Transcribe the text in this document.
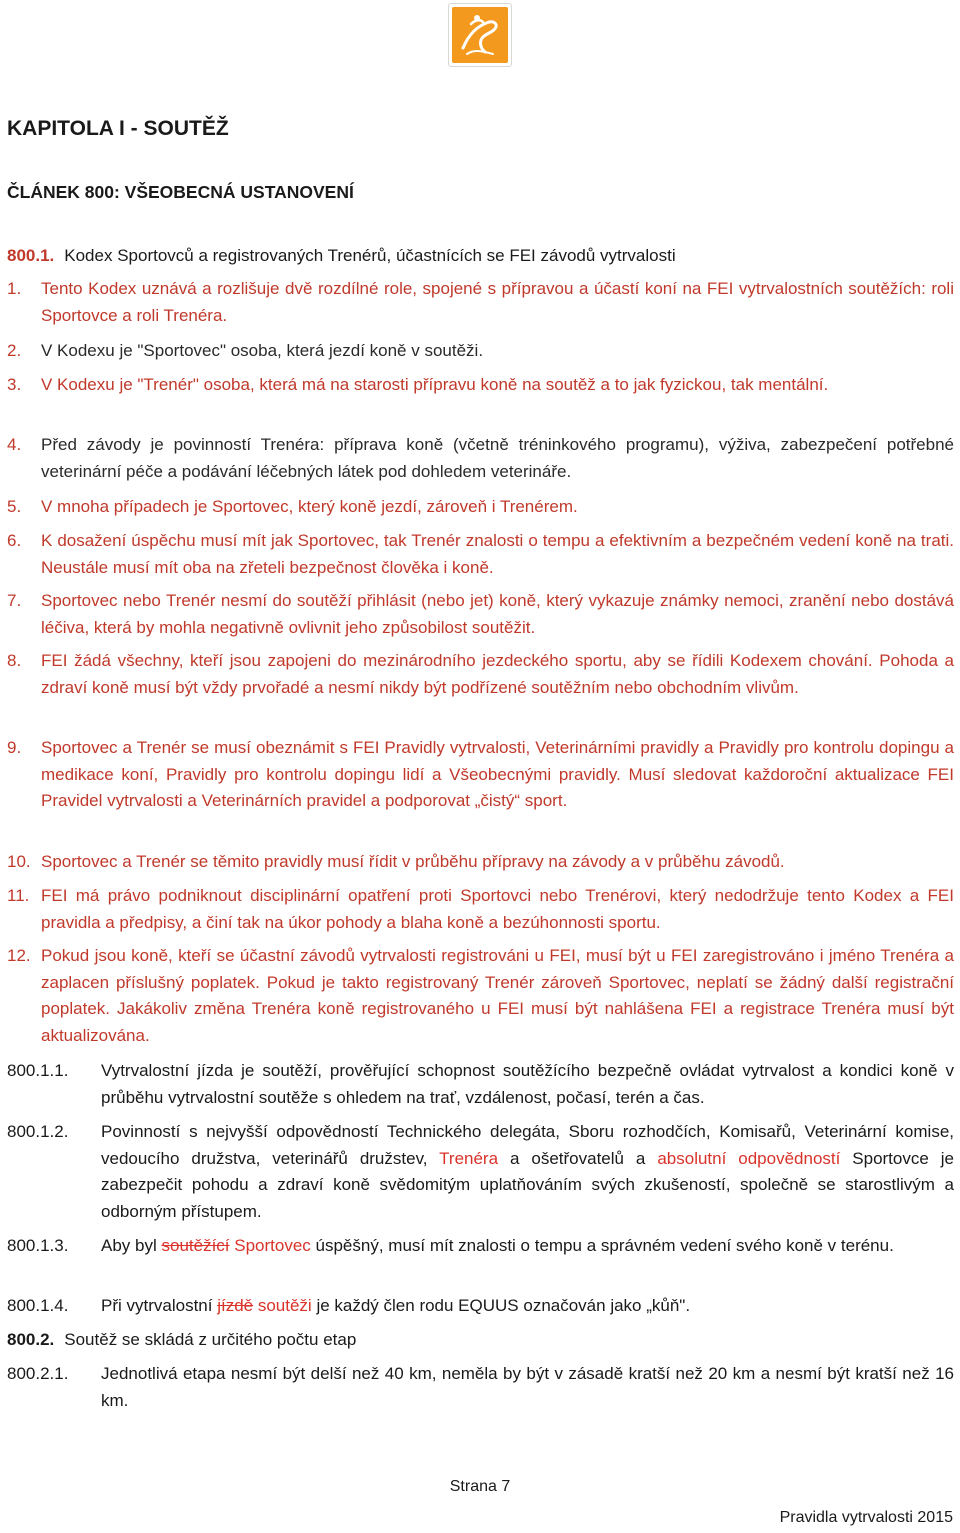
KAPITOLA I - SOUTĚŽ
ČLÁNEK 800: VŠEOBECNÁ USTANOVENÍ
800.1. Kodex Sportovců a registrovaných Trenérů, účastnících se FEI závodů vytrvalosti
1. Tento Kodex uznává a rozlišuje dvě rozdílné role, spojené s přípravou a účastí koní na FEI vytrvalostních soutěžích: roli Sportovce a roli Trenéra.
2. V Kodexu je "Sportovec" osoba, která jezdí koně v soutěži.
3. V Kodexu je "Trenér" osoba, která má na starosti přípravu koně na soutěž a to jak fyzickou, tak mentální.
4. Před závody je povinností Trenéra: příprava koně (včetně tréninkového programu), výživa, zabezpečení potřebné veterinární péče a podávání léčebných látek pod dohledem veterináře.
5. V mnoha případech je Sportovec, který koně jezdí, zároveň i Trenérem.
6. K dosažení úspěchu musí mít jak Sportovec, tak Trenér znalosti o tempu a efektivním a bezpečném vedení koně na trati. Neustále musí mít oba na zřeteli bezpečnost člověka i koně.
7. Sportovec nebo Trenér nesmí do soutěží přihlásit (nebo jet) koně, který vykazuje známky nemoci, zranění nebo dostává léčiva, která by mohla negativně ovlivnit jeho způsobilost soutěžit.
8. FEI žádá všechny, kteří jsou zapojeni do mezinárodního jezdeckého sportu, aby se řídili Kodexem chování. Pohoda a zdraví koně musí být vždy prvořadé a nesmí nikdy být podřízené soutěžním nebo obchodním vlivům.
9. Sportovec a Trenér se musí obeznámit s FEI Pravidly vytrvalosti, Veterinárními pravidly a Pravidly pro kontrolu dopingu a medikace koní, Pravidly pro kontrolu dopingu lidí a Všeobecnými pravidly. Musí sledovat každoroční aktualizace FEI Pravidel vytrvalosti a Veterinárních pravidel a podporovat „čistý“ sport.
10. Sportovec a Trenér se těmito pravidly musí řídit v průběhu přípravy na závody a v průběhu závodů.
11. FEI má právo podniknout disciplinární opatření proti Sportovci nebo Trenérovi, který nedodržuje tento Kodex a FEI pravidla a předpisy, a činí tak na úkor pohody a blaha koně a bezúhonnosti sportu.
12. Pokud jsou koně, kteří se účastní závodů vytrvalosti registrováni u FEI, musí být u FEI zaregistrováno i jméno Trenéra a zaplacen příslušný poplatek. Pokud je takto registrovaný Trenér zároveň Sportovec, neplatí se žádný další registrační poplatek. Jakákoliv změna Trenéra koně registrovaného u FEI musí být nahlášena FEI a registrace Trenéra musí být aktualizována.
800.1.1. Vytrvalostní jízda je soutěží, prověřující schopnost soutěžícího bezpečně ovládat vytrvalost a kondici koně v průběhu vytrvalostní soutěže s ohledem na trať, vzdálenost, počasí, terén a čas.
800.1.2. Povinností s nejvyšší odpovědností Technického delegáta, Sboru rozhodčích, Komisařů, Veterinární komise, vedoucího družstva, veterinářů družstev, Trenéra a ošetřovatelů a absolutní odpovědností Sportovce je zabezpečit pohodu a zdraví koně svědomitým uplatňováním svých zkušeností, společně se starostlivým a odborným přístupem.
800.1.3. Aby byl soutěžící Sportovec úspěšný, musí mít znalosti o tempu a správném vedení svého koně v terénu.
800.1.4. Při vytrvalostní jízdě soutěži je každý člen rodu EQUUS označován jako „kůň".
800.2. Soutěž se skládá z určitého počtu etap
800.2.1. Jednotlivá etapa nesmí být delší než 40 km, neměla by být v zásadě kratší než 20 km a nesmí být kratší než 16 km.
Strana 7
Pravidla vytrvalosti 2015
